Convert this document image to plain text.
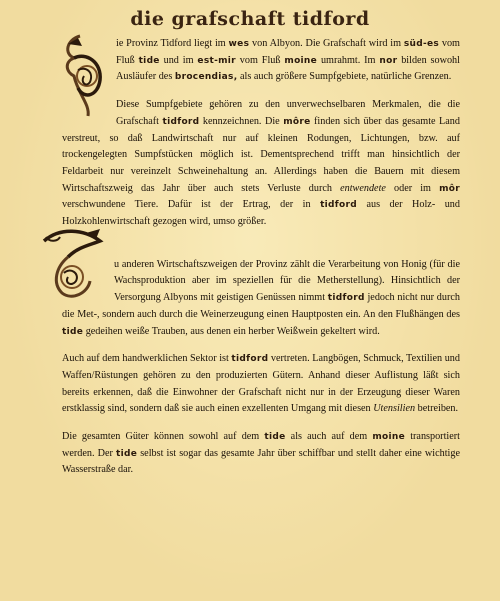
die grafschaft tidford

ie Provinz Tidford liegt im wes von Albyon. Die Grafschaft wird im süd-es vom Fluß tide und im est-mir vom Fluß moine umrahmt. Im nor bilden sowohl Ausläufer des brocendias, als auch größere Sumpfgebiete, natürliche Grenzen.

Diese Sumpfgebiete gehören zu den unverwechselbaren Merkmalen, die die Grafschaft tidford kennzeichnen. Die môre finden sich über das gesamte Land verstreut, so daß Landwirtschaft nur auf kleinen Rodungen, Lichtungen, bzw. auf trockengelegten Sumpfstücken möglich ist. Dementsprechend trifft man hinsichtlich der Feldarbeit nur vereinzelt Schweinehaltung an. Allerdings haben die Bauern mit diesem Wirtschaftszweig das Jahr über auch stets Verluste durch entwendete oder im môr verschwundene Tiere. Dafür ist der Ertrag, der in tidford aus der Holz- und Holzkohlenwirtschaft gezogen wird, umso größer.

u anderen Wirtschaftszweigen der Provinz zählt die Verarbeitung von Honig (für die Wachsproduktion aber im speziellen für die Metherstellung). Hinsichtlich der Versorgung Albyons mit geistigen Genüssen nimmt tidford jedoch nicht nur durch die Met-, sondern auch durch die Weinerzeugung einen Hauptposten ein. An den Flußhängen des tide gedeihen weiße Trauben, aus denen ein herber Weißwein gekeltert wird.

Auch auf dem handwerklichen Sektor ist tidford vertreten. Langbögen, Schmuck, Textilien und Waffen/Rüstungen gehören zu den produzierten Gütern. Anhand dieser Auflistung läßt sich bereits erkennen, daß die Einwohner der Grafschaft nicht nur in der Erzeugung dieser Waren erstklassig sind, sondern daß sie auch einen exzellenten Umgang mit diesen Utensilien betreiben.

Die gesamten Güter können sowohl auf dem tide als auch auf dem moine transportiert werden. Der tide selbst ist sogar das gesamte Jahr über schiffbar und stellt daher eine wichtige Wasserstraße dar.
